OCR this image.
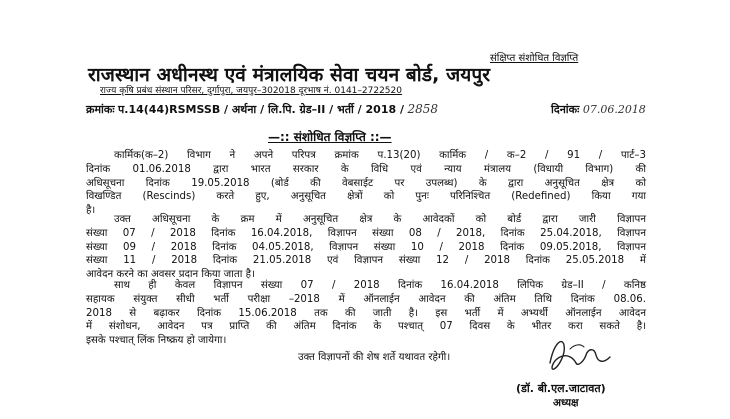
संक्षिप्त संशोधित विज्ञप्ति
राजस्थान अधीनस्थ एवं मंत्रालयिक सेवा चयन बोर्ड, जयपुर
राज्य कृषि प्रबंध संस्थान परिसर, दुर्गापुरा, जयपुर–302018 दूरभाष नं. 0141–2722520
क्रमांकः प.14(44)RSMSSB / अर्थना / लि.पि. ग्रेड–II / भर्ती / 2018 / 2858	दिनांकः 07.06.2018
—:: संशोधित विज्ञप्ति ::—
कार्मिक(क–2) विभाग ने अपने परिपत्र क्रमांक प.13(20) कार्मिक / क–2 / 91 / पार्ट–3
दिनांक 01.06.2018 द्वारा भारत सरकार के विधि एवं न्याय मंत्रालय (विधायी विभाग) की
अधिसूचना दिनांक 19.05.2018 (बोर्ड की वेबसाईट पर उपलब्ध) के द्वारा अनुसूचित क्षेत्र को
विखण्डित (Rescinds) करते हुए, अनुसूचित क्षेत्रों को पुनः परिनिश्चित (Redefined) किया गया
है।
उक्त अधिसूचना के क्रम में अनुसूचित क्षेत्र के आवेदकों को बोर्ड द्वारा जारी विज्ञापन
संख्या 07 / 2018 दिनांक 16.04.2018, विज्ञापन संख्या 08 / 2018, दिनांक 25.04.2018, विज्ञापन
संख्या 09 / 2018 दिनांक 04.05.2018, विज्ञापन संख्या 10 / 2018 दिनांक 09.05.2018, विज्ञापन
संख्या 11 / 2018 दिनांक 21.05.2018 एवं विज्ञापन संख्या 12 / 2018 दिनांक 25.05.2018 में
आवेदन करने का अवसर प्रदान किया जाता है।
साथ ही केवल विज्ञापन संख्या 07 / 2018 दिनांक 16.04.2018 लिपिक ग्रेड–II / कनिष्ठ
सहायक संयुक्त सीधी भर्ती परीक्षा –2018 में ऑनलाईन आवेदन की अंतिम तिथि दिनांक 08.06.
2018 से बढ़ाकर दिनांक 15.06.2018 तक की जाती है। इस भर्ती में अभ्यर्थी ऑनलाईन आवेदन
में संशोधन, आवेदन पत्र प्राप्ति की अंतिम दिनांक के पश्चात् 07 दिवस के भीतर करा सकते है।
इसके पश्चात् लिंक निष्क्रय हो जायेगा।
उक्त विज्ञापनों की शेष शर्ते यथावत रहेगी।
(डॉ. बी.एल.जाटावत)
अध्यक्ष
